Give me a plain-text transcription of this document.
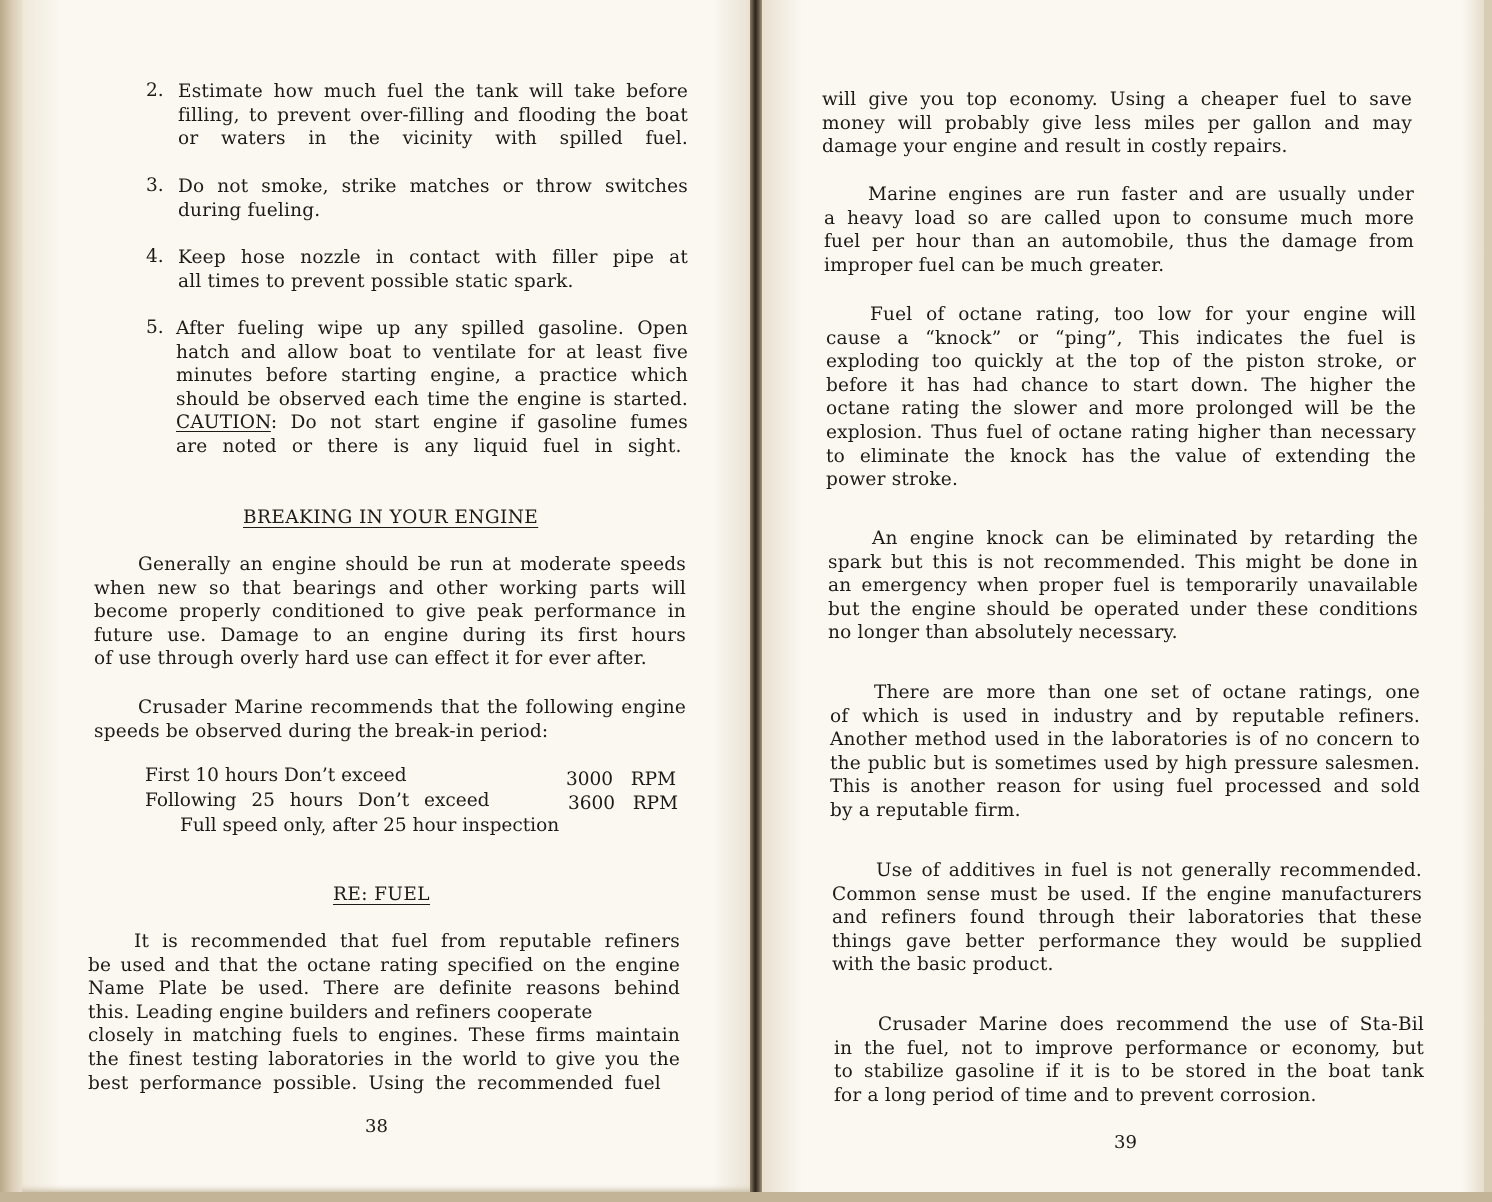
2. Estimate how much fuel the tank will take before
filling, to prevent over-filling and flooding the boat
or waters in the vicinity with spilled fuel.
3. Do not smoke, strike matches or throw switches
during fueling.
4. Keep hose nozzle in contact with filler pipe at
all times to prevent possible static spark.
5. After fueling wipe up any spilled gasoline. Open
hatch and allow boat to ventilate for at least five
minutes before starting engine, a practice which
should be observed each time the engine is started.
CAUTION: Do not start engine if gasoline fumes
are noted or there is any liquid fuel in sight.
BREAKING IN YOUR ENGINE
Generally an engine should be run at moderate speeds
when new so that bearings and other working parts will
become properly conditioned to give peak performance in
future use. Damage to an engine during its first hours
of use through overly hard use can effect it for ever after.
Crusader Marine recommends that the following engine
speeds be observed during the break-in period:
First 10 hours Don’t exceed	3000 RPM
Following 25 hours Don’t exceed	3600 RPM
Full speed only, after 25 hour inspection
RE: FUEL
It is recommended that fuel from reputable refiners
be used and that the octane rating specified on the engine
Name Plate be used. There are definite reasons behind
this. Leading engine builders and refiners cooperate
closely in matching fuels to engines. These firms maintain
the finest testing laboratories in the world to give you the
best performance possible. Using the recommended fuel
38
will give you top economy. Using a cheaper fuel to save
money will probably give less miles per gallon and may
damage your engine and result in costly repairs.
Marine engines are run faster and are usually under
a heavy load so are called upon to consume much more
fuel per hour than an automobile, thus the damage from
improper fuel can be much greater.
Fuel of octane rating, too low for your engine will
cause a “knock” or “ping”, This indicates the fuel is
exploding too quickly at the top of the piston stroke, or
before it has had chance to start down. The higher the
octane rating the slower and more prolonged will be the
explosion. Thus fuel of octane rating higher than necessary
to eliminate the knock has the value of extending the
power stroke.
An engine knock can be eliminated by retarding the
spark but this is not recommended. This might be done in
an emergency when proper fuel is temporarily unavailable
but the engine should be operated under these conditions
no longer than absolutely necessary.
There are more than one set of octane ratings, one
of which is used in industry and by reputable refiners.
Another method used in the laboratories is of no concern to
the public but is sometimes used by high pressure salesmen.
This is another reason for using fuel processed and sold
by a reputable firm.
Use of additives in fuel is not generally recommended.
Common sense must be used. If the engine manufacturers
and refiners found through their laboratories that these
things gave better performance they would be supplied
with the basic product.
Crusader Marine does recommend the use of Sta-Bil
in the fuel, not to improve performance or economy, but
to stabilize gasoline if it is to be stored in the boat tank
for a long period of time and to prevent corrosion.
39
